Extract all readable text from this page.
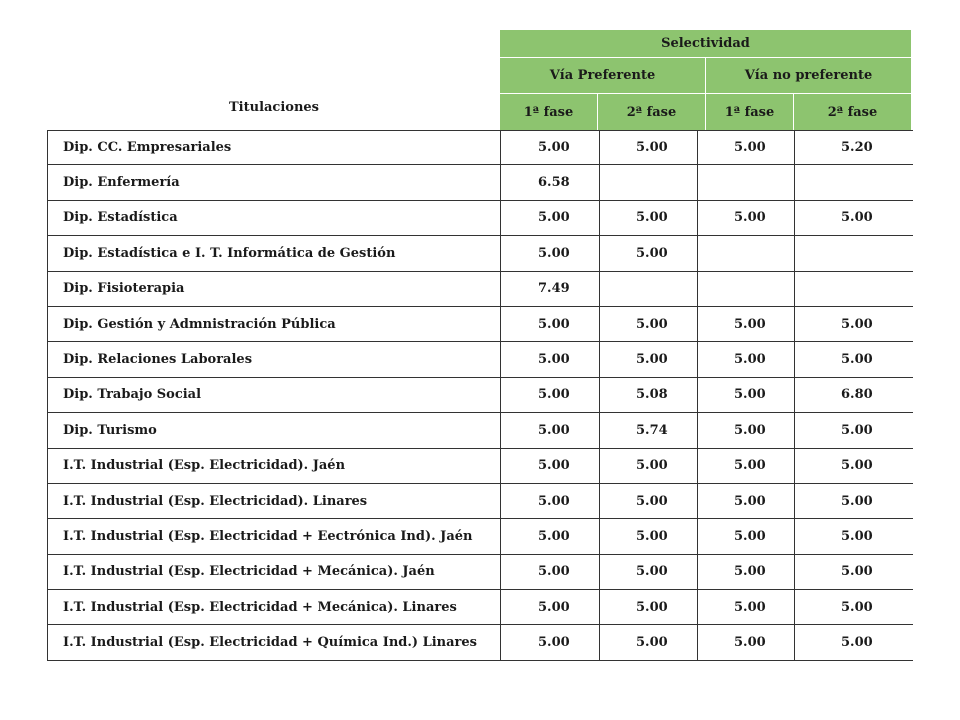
Titulaciones
Selectividad
Vía Preferente	Vía no preferente
1ª fase	2ª fase	1ª fase	2ª fase
Dip. CC. Empresariales	5.00	5.00	5.00	5.20
Dip. Enfermería	6.58
Dip. Estadística	5.00	5.00	5.00	5.00
Dip. Estadística e I. T. Informática de Gestión	5.00	5.00
Dip. Fisioterapia	7.49
Dip. Gestión y Admnistración Pública	5.00	5.00	5.00	5.00
Dip. Relaciones Laborales	5.00	5.00	5.00	5.00
Dip. Trabajo Social	5.00	5.08	5.00	6.80
Dip. Turismo	5.00	5.74	5.00	5.00
I.T. Industrial (Esp. Electricidad). Jaén	5.00	5.00	5.00	5.00
I.T. Industrial (Esp. Electricidad). Linares	5.00	5.00	5.00	5.00
I.T. Industrial (Esp. Electricidad + Eectrónica Ind). Jaén	5.00	5.00	5.00	5.00
I.T. Industrial (Esp. Electricidad + Mecánica). Jaén	5.00	5.00	5.00	5.00
I.T. Industrial (Esp. Electricidad + Mecánica). Linares	5.00	5.00	5.00	5.00
I.T. Industrial (Esp. Electricidad + Química Ind.) Linares	5.00	5.00	5.00	5.00
